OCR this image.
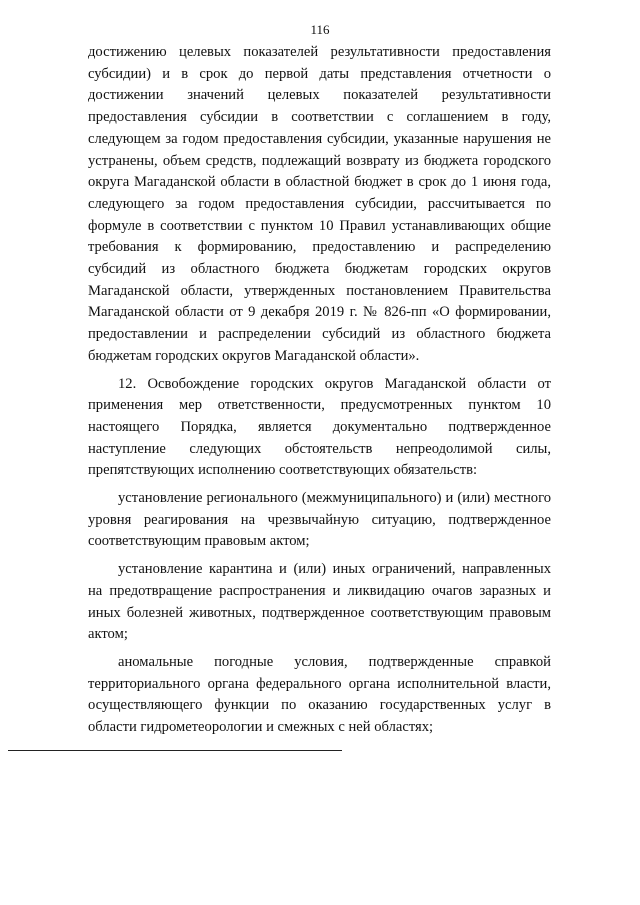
116

достижению целевых показателей результативности предоставления субсидии) и в срок до первой даты представления отчетности о достижении значений целевых показателей результативности предоставления субсидии в соответствии с соглашением в году, следующем за годом предоставления субсидии, указанные нарушения не устранены, объем средств, подлежащий возврату из бюджета городского округа Магаданской области в областной бюджет в срок до 1 июня года, следующего за годом предоставления субсидии, рассчитывается по формуле в соответствии с пунктом 10 Правил устанавливающих общие требования к формированию, предоставлению и распределению субсидий из областного бюджета бюджетам городских округов Магаданской области, утвержденных постановлением Правительства Магаданской области от 9 декабря 2019 г. № 826-пп «О формировании, предоставлении и распределении субсидий из областного бюджета бюджетам городских округов Магаданской области».

12. Освобождение городских округов Магаданской области от применения мер ответственности, предусмотренных пунктом 10 настоящего Порядка, является документально подтвержденное наступление следующих обстоятельств непреодолимой силы, препятствующих исполнению соответствующих обязательств:

установление регионального (межмуниципального) и (или) местного уровня реагирования на чрезвычайную ситуацию, подтвержденное соответствующим правовым актом;

установление карантина и (или) иных ограничений, направленных на предотвращение распространения и ликвидацию очагов заразных и иных болезней животных, подтвержденное соответствующим правовым актом;

аномальные погодные условия, подтвержденные справкой территориального органа федерального органа исполнительной власти, осуществляющего функции по оказанию государственных услуг в области гидрометеорологии и смежных с ней областях;
